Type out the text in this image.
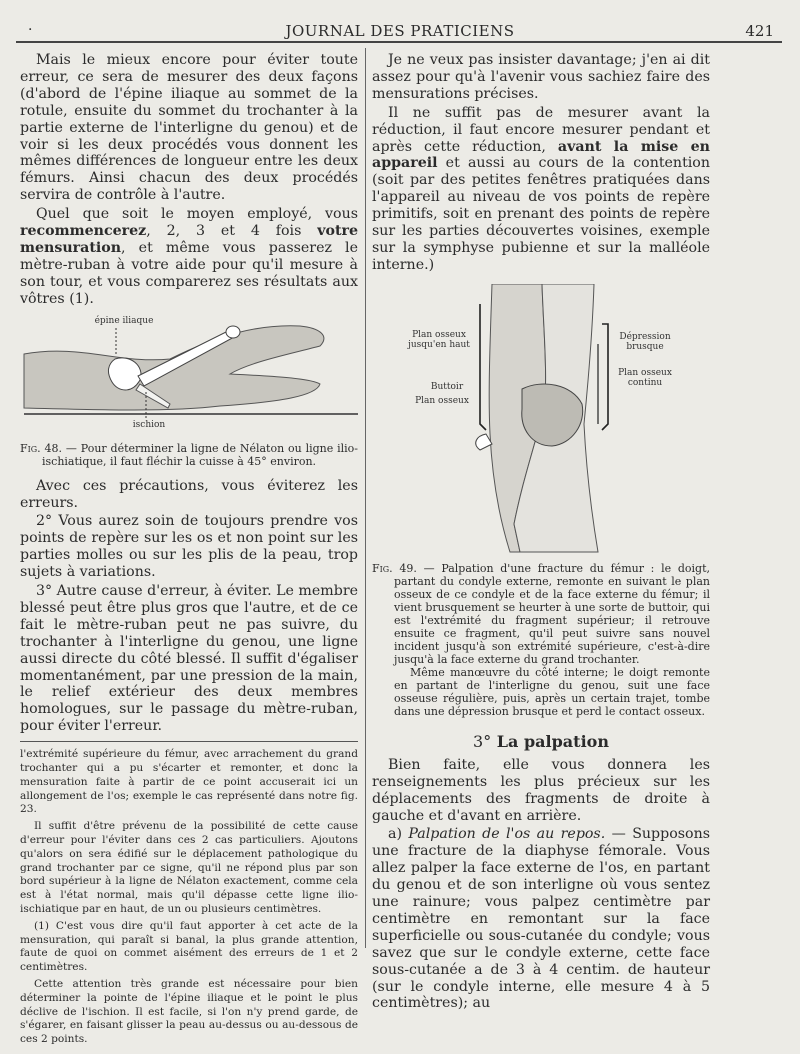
·	JOURNAL DES PRATICIENS	421

Mais le mieux encore pour éviter toute erreur, ce sera de mesurer des deux façons (d'abord de l'épine iliaque au sommet de la rotule, ensuite du sommet du trochanter à la partie externe de l'interligne du genou) et de voir si les deux procédés vous donnent les mêmes différences de longueur entre les deux fémurs. Ainsi chacun des deux procédés servira de contrôle à l'autre.

Quel que soit le moyen employé, vous recommencerez, 2, 3 et 4 fois votre mensuration, et même vous passerez le mètre-ruban à votre aide pour qu'il mesure à son tour, et vous comparerez ses résultats aux vôtres (1).

épine iliaque
ischion

Fig. 48. — Pour déterminer la ligne de Nélaton ou ligne ilio-ischiatique, il faut fléchir la cuisse à 45° environ.

Avec ces précautions, vous éviterez les erreurs.

2° Vous aurez soin de toujours prendre vos points de repère sur les os et non point sur les parties molles ou sur les plis de la peau, trop sujets à variations.

3° Autre cause d'erreur, à éviter. Le membre blessé peut être plus gros que l'autre, et de ce fait le mètre-ruban peut ne pas suivre, du trochanter à l'interligne du genou, une ligne aussi directe du côté blessé. Il suffit d'égaliser momentanément, par une pression de la main, le relief extérieur des deux membres homologues, sur le passage du mètre-ruban, pour éviter l'erreur.

l'extrémité supérieure du fémur, avec arrachement du grand trochanter qui a pu s'écarter et remonter, et donc la mensuration faite à partir de ce point accuserait ici un allongement de l'os; exemple le cas représenté dans notre fig. 23.

Il suffit d'être prévenu de la possibilité de cette cause d'erreur pour l'éviter dans ces 2 cas particuliers. Ajoutons qu'alors on sera édifié sur le déplacement pathologique du grand trochanter par ce signe, qu'il ne répond plus par son bord supérieur à la ligne de Nélaton exactement, comme cela est à l'état normal, mais qu'il dépasse cette ligne ilio-ischiatique par en haut, de un ou plusieurs centimètres.

(1) C'est vous dire qu'il faut apporter à cet acte de la mensuration, qui paraît si banal, la plus grande attention, faute de quoi on commet aisément des erreurs de 1 et 2 centimètres.

Cette attention très grande est nécessaire pour bien déterminer la pointe de l'épine iliaque et le point le plus déclive de l'ischion. Il est facile, si l'on n'y prend garde, de s'égarer, en faisant glisser la peau au-dessus ou au-dessous de ces 2 points.

Je ne veux pas insister davantage; j'en ai dit assez pour qu'à l'avenir vous sachiez faire des mensurations précises.

Il ne suffit pas de mesurer avant la réduction, il faut encore mesurer pendant et après cette réduction, avant la mise en appareil et aussi au cours de la contention (soit par des petites fenêtres pratiquées dans l'appareil au niveau de vos points de repère primitifs, soit en prenant des points de repère sur les parties découvertes voisines, exemple sur la symphyse pubienne et sur la malléole interne.)

Plan osseux jusqu'en haut
Buttoir
Plan osseux
Dépression brusque
Plan osseux continu

Fig. 49. — Palpation d'une fracture du fémur : le doigt, partant du condyle externe, remonte en suivant le plan osseux de ce condyle et de la face externe du fémur; il vient brusquement se heurter à une sorte de buttoir, qui est l'extrémité du fragment supérieur; il retrouve ensuite ce fragment, qu'il peut suivre sans nouvel incident jusqu'à son extrémité supérieure, c'est-à-dire jusqu'à la face externe du grand trochanter.

Même manœuvre du côté interne; le doigt remonte en partant de l'interligne du genou, suit une face osseuse régulière, puis, après un certain trajet, tombe dans une dépression brusque et perd le contact osseux.

3° La palpation

Bien faite, elle vous donnera les renseignements les plus précieux sur les déplacements des fragments de droite à gauche et d'avant en arrière.

a) Palpation de l'os au repos. — Supposons une fracture de la diaphyse fémorale. Vous allez palper la face externe de l'os, en partant du genou et de son interligne où vous sentez une rainure; vous palpez centimètre par centimètre en remontant sur la face superficielle ou sous-cutanée du condyle; vous savez que sur le condyle externe, cette face sous-cutanée a de 3 à 4 centim. de hauteur (sur le condyle interne, elle mesure 4 à 5 centimètres); au
